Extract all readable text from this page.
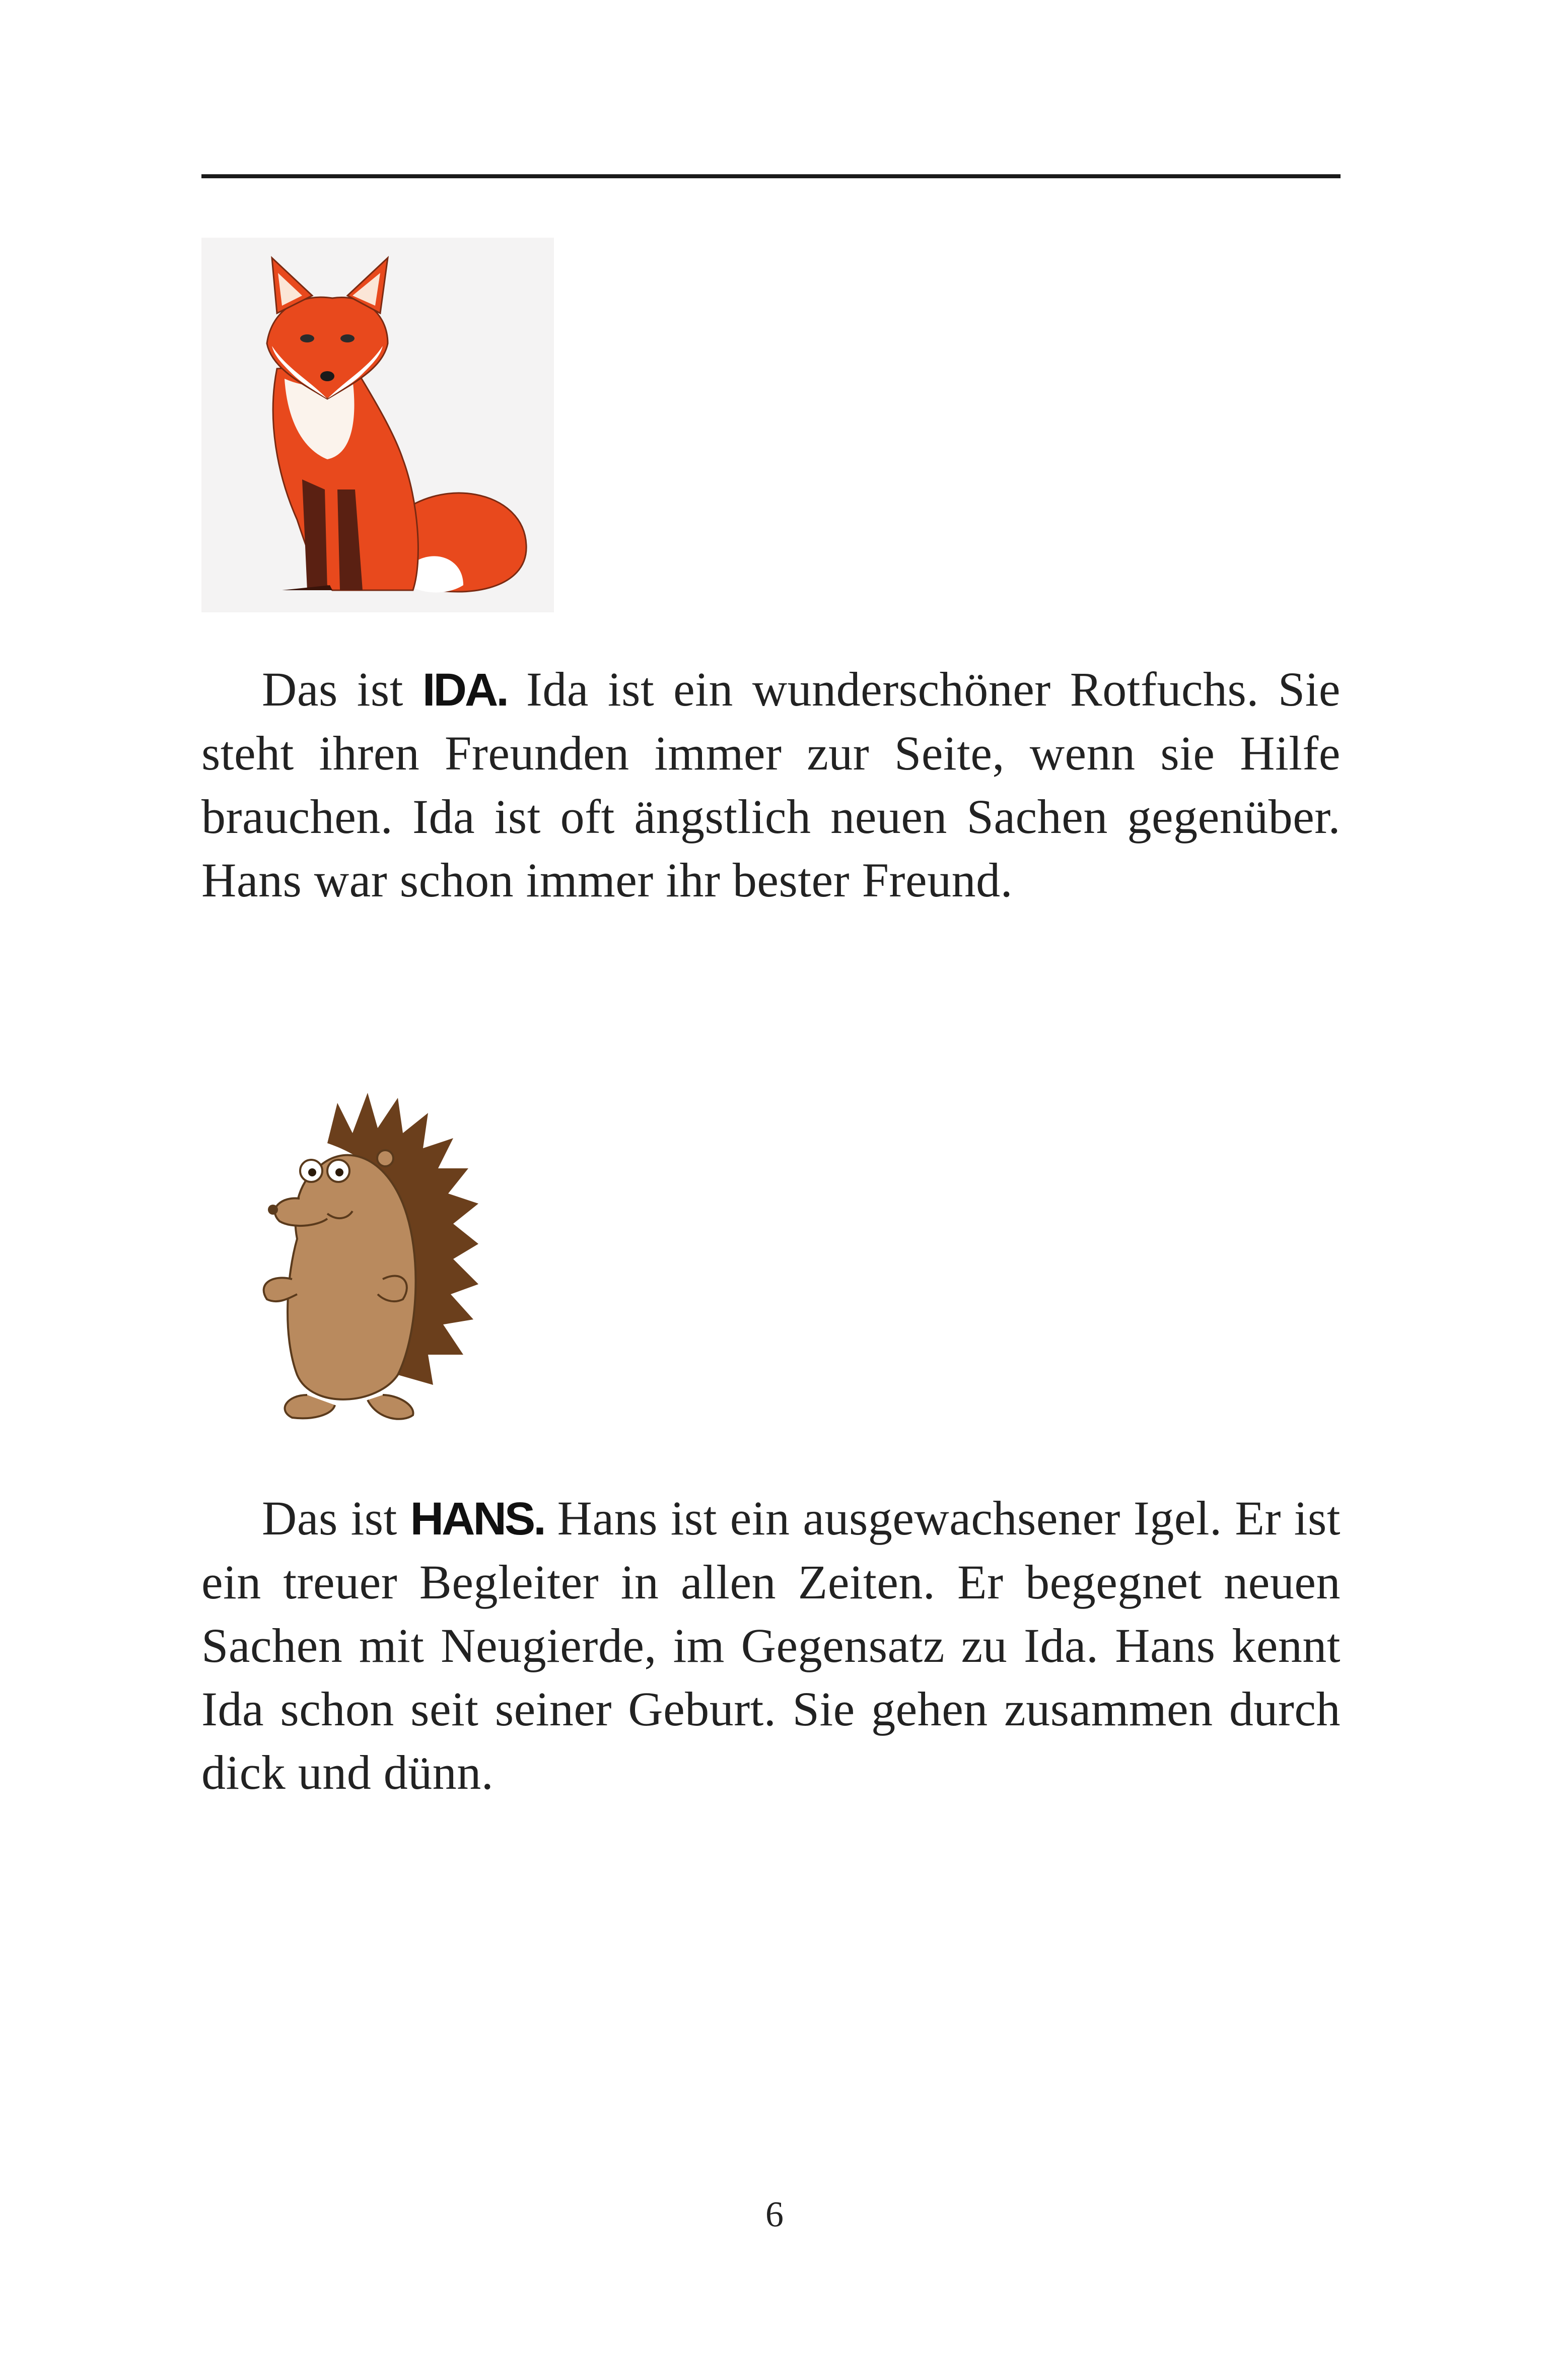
Das ist IDA. Ida ist ein wunderschöner Rotfuchs. Sie steht ihren Freunden immer zur Seite, wenn sie Hilfe brauchen. Ida ist oft ängstlich neuen Sachen gegenüber. Hans war schon immer ihr bester Freund.

Das ist HANS. Hans ist ein ausgewachsener Igel. Er ist ein treuer Begleiter in allen Zeiten. Er begegnet neuen Sachen mit Neugierde, im Gegensatz zu Ida. Hans kennt Ida schon seit seiner Geburt. Sie gehen zusammen durch dick und dünn.

6
